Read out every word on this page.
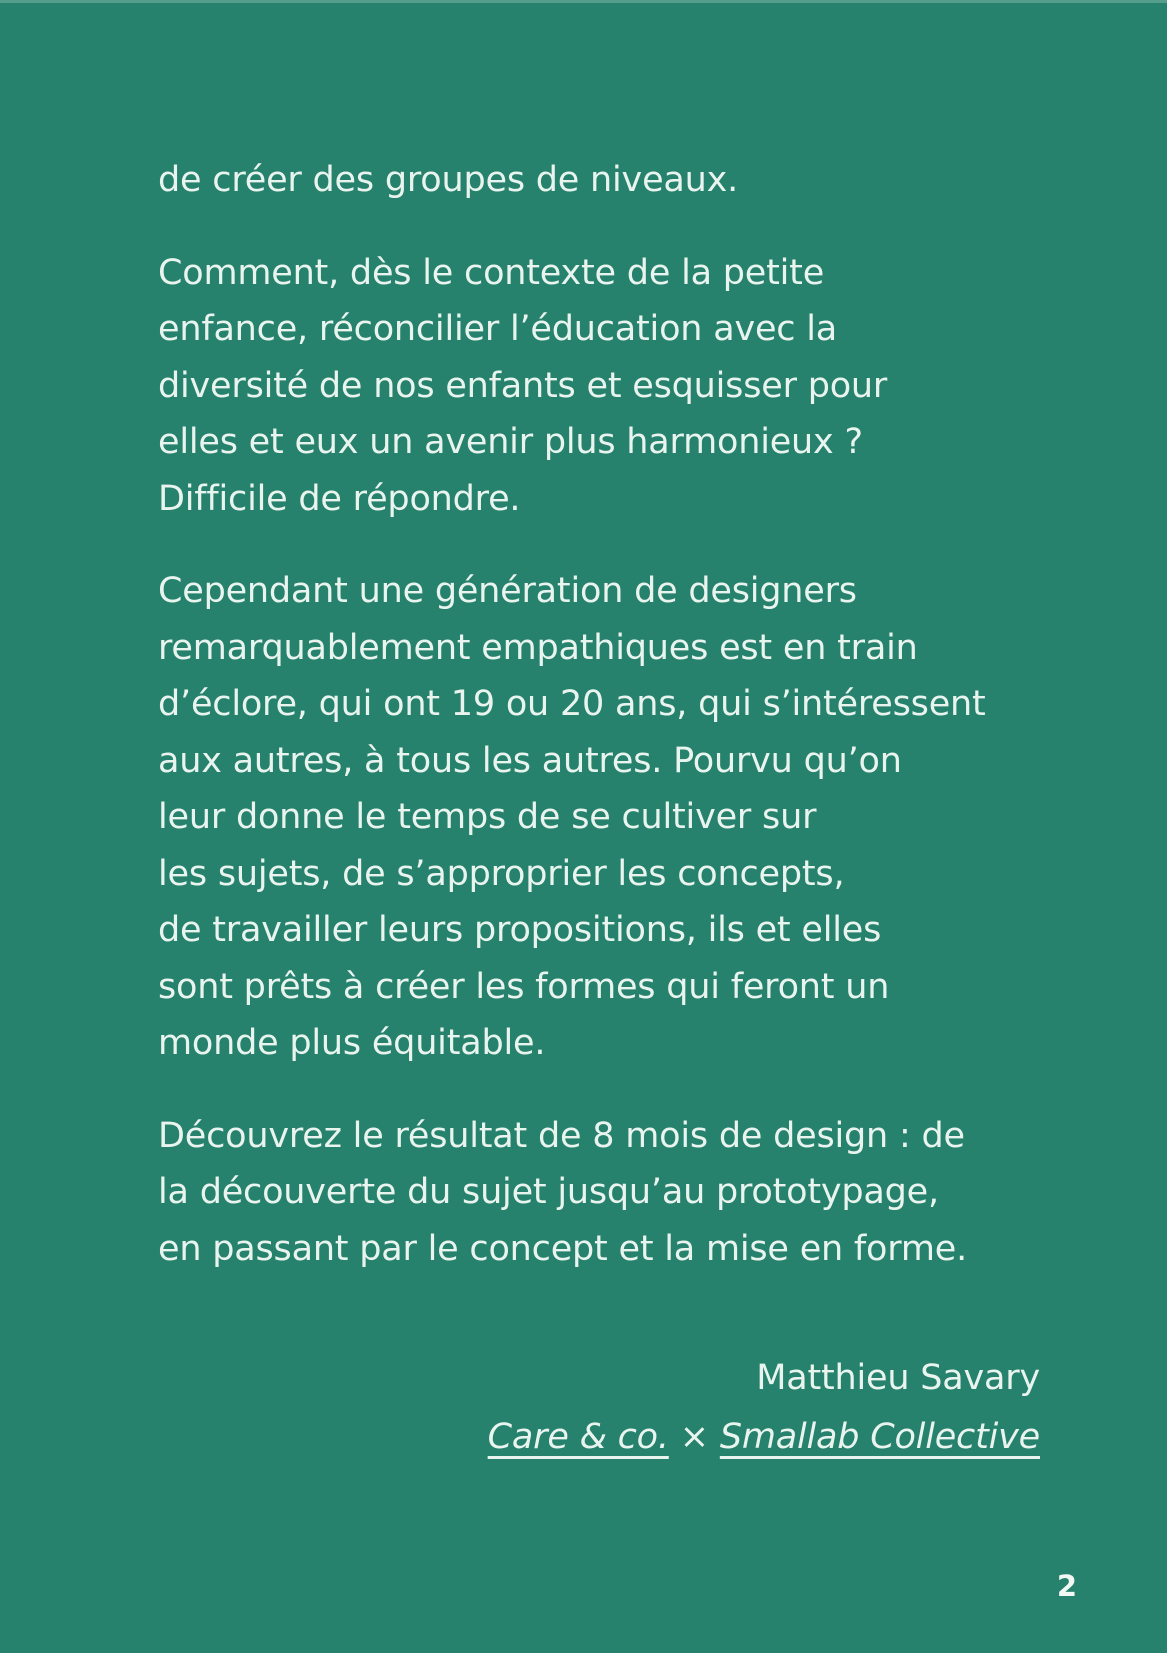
de créer des groupes de niveaux.

Comment, dès le contexte de la petite
enfance, réconcilier l’éducation avec la
diversité de nos enfants et esquisser pour
elles et eux un avenir plus harmonieux ?
Difficile de répondre.

Cependant une génération de designers
remarquablement empathiques est en train
d’éclore, qui ont 19 ou 20 ans, qui s’intéressent
aux autres, à tous les autres. Pourvu qu’on
leur donne le temps de se cultiver sur
les sujets, de s’approprier les concepts,
de travailler leurs propositions, ils et elles
sont prêts à créer les formes qui feront un
monde plus équitable.

Découvrez le résultat de 8 mois de design : de
la découverte du sujet jusqu’au prototypage,
en passant par le concept et la mise en forme.

Matthieu Savary
Care & co. × Smallab Collective
2
